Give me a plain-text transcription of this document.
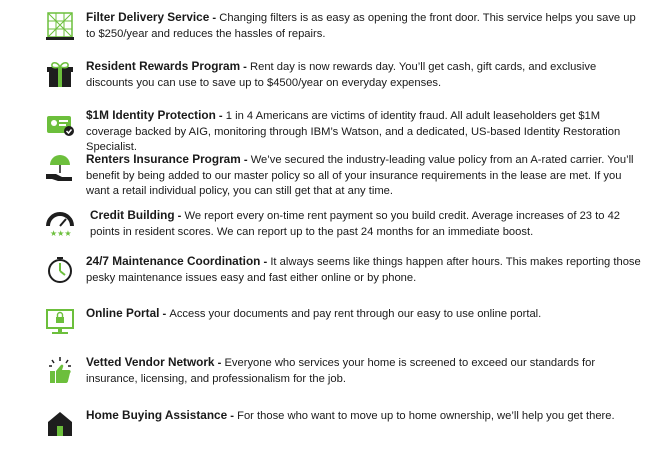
Filter Delivery Service - Changing filters is as easy as opening the front door. This service helps you save up to $250/year and reduces the hassles of repairs.
Resident Rewards Program - Rent day is now rewards day. You’ll get cash, gift cards, and exclusive discounts you can use to save up to $4500/year on everyday expenses.
$1M Identity Protection - 1 in 4 Americans are victims of identity fraud. All adult leaseholders get $1M coverage backed by AIG, monitoring through IBM’s Watson, and a dedicated, US-based Identity Restoration Specialist.
Renters Insurance Program - We’ve secured the industry-leading value policy from an A-rated carrier. You’ll benefit by being added to our master policy so all of your insurance requirements in the lease are met. If you want a retail individual policy, you can still get that at any time.
★★★
Credit Building - We report every on-time rent payment so you build credit. Average increases of 23 to 42 points in resident scores. We can report up to the past 24 months for an immediate boost.
24/7 Maintenance Coordination - It always seems like things happen after hours. This makes reporting those pesky maintenance issues easy and fast either online or by phone.
Online Portal - Access your documents and pay rent through our easy to use online portal.
Vetted Vendor Network - Everyone who services your home is screened to exceed our standards for insurance, licensing, and professionalism for the job.
Home Buying Assistance - For those who want to move up to home ownership, we’ll help you get there.
